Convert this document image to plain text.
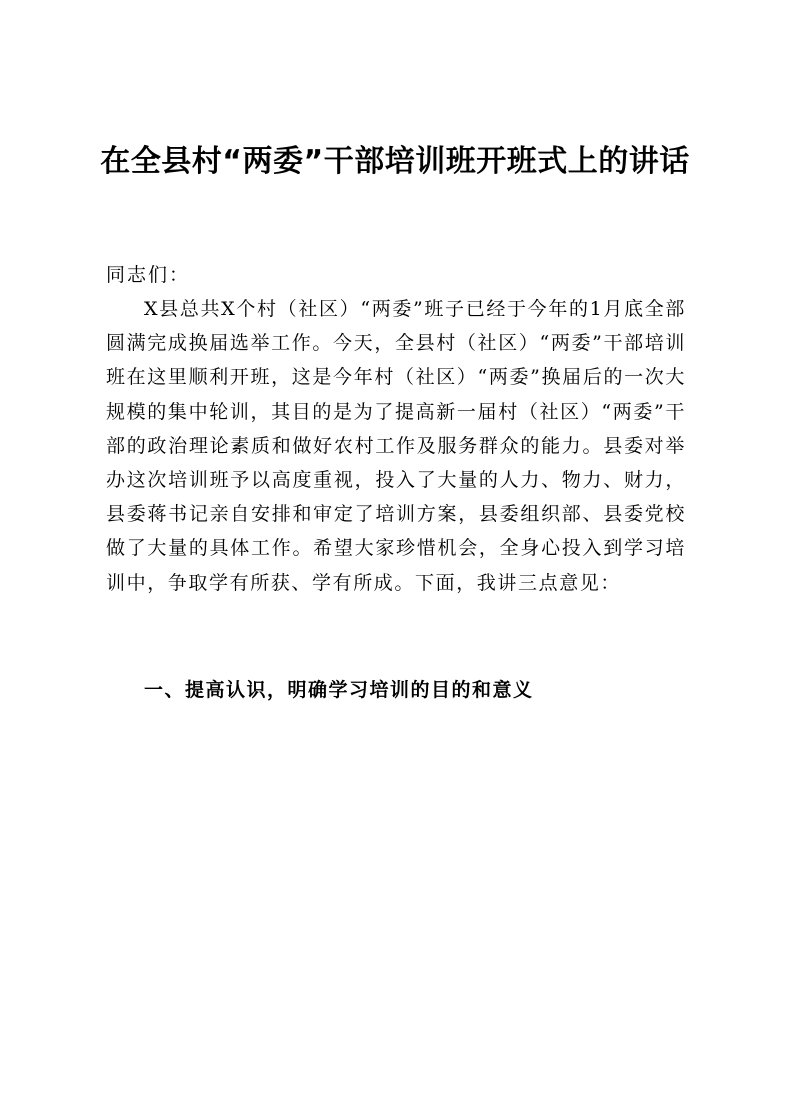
在全县村“两委”干部培训班开班式上的讲话

同志们：

X县总共X个村（社区）“两委”班子已经于今年的1月底全部圆满完成换届选举工作。今天，全县村（社区）“两委”干部培训班在这里顺利开班，这是今年村（社区）“两委”换届后的一次大规模的集中轮训，其目的是为了提高新一届村（社区）“两委”干部的政治理论素质和做好农村工作及服务群众的能力。县委对举办这次培训班予以高度重视，投入了大量的人力、物力、财力，县委蒋书记亲自安排和审定了培训方案，县委组织部、县委党校做了大量的具体工作。希望大家珍惜机会，全身心投入到学习培训中，争取学有所获、学有所成。下面，我讲三点意见：

一、提高认识，明确学习培训的目的和意义
